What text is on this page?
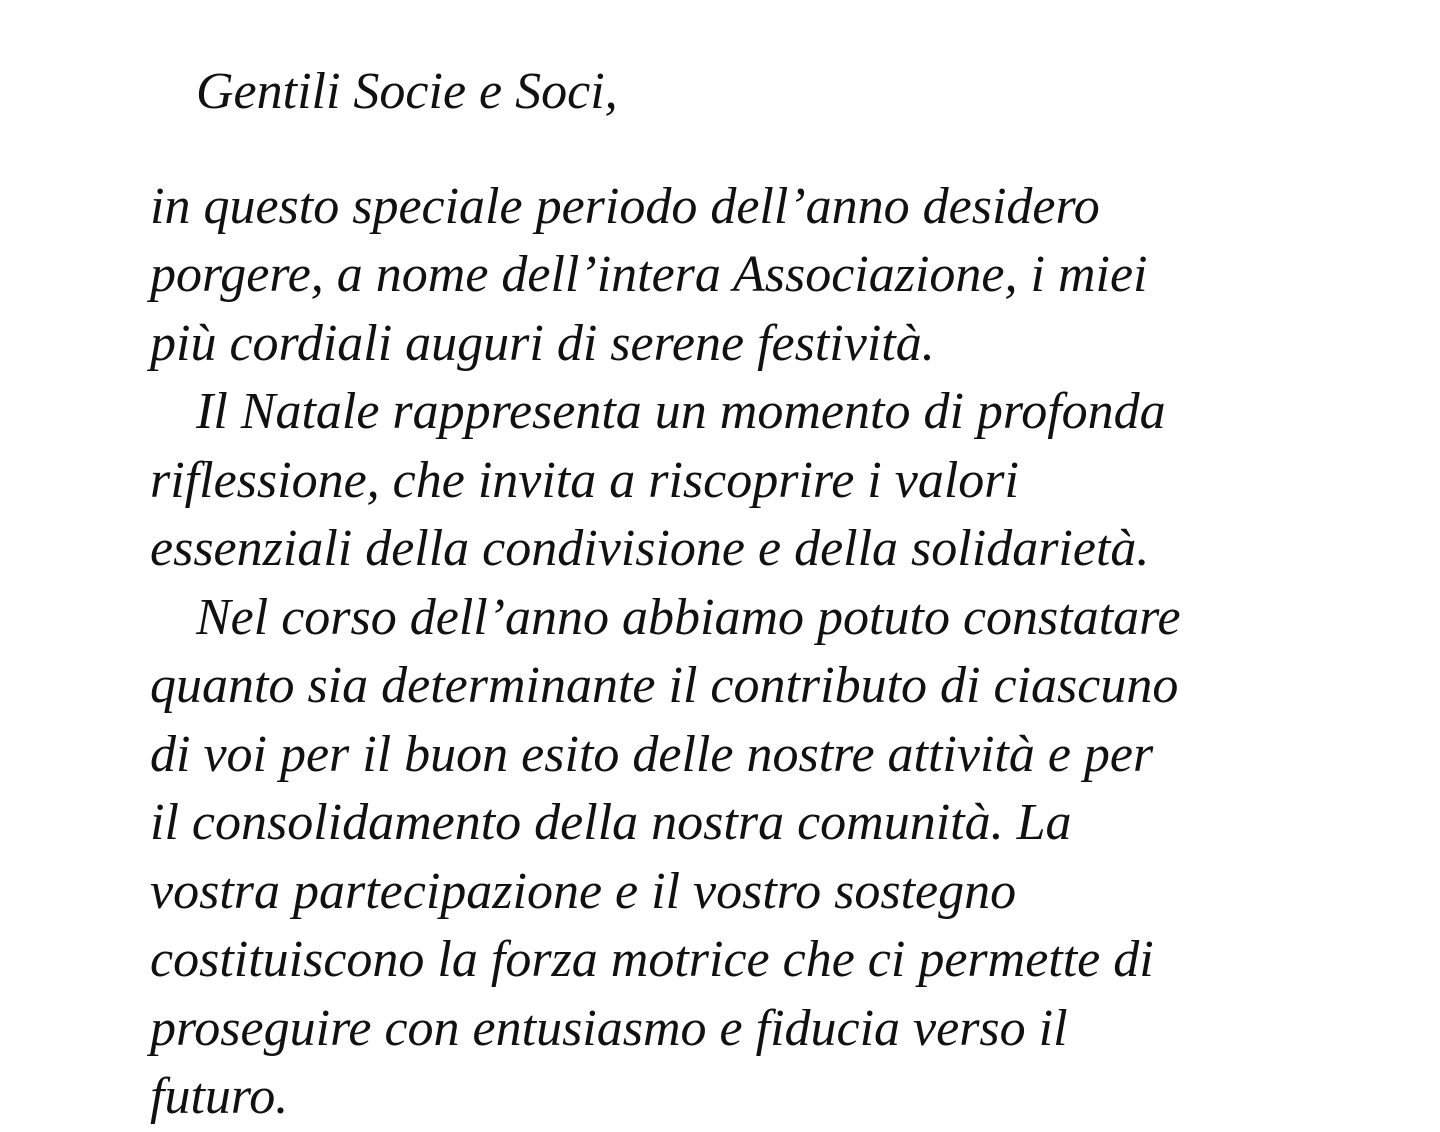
Gentili Socie e Soci,

in questo speciale periodo dell’anno desidero
porgere, a nome dell’intera Associazione, i miei
più cordiali auguri di serene festività.

Il Natale rappresenta un momento di profonda
riflessione, che invita a riscoprire i valori
essenziali della condivisione e della solidarietà.

Nel corso dell’anno abbiamo potuto constatare
quanto sia determinante il contributo di ciascuno
di voi per il buon esito delle nostre attività e per
il consolidamento della nostra comunità. La
vostra partecipazione e il vostro sostegno
costituiscono la forza motrice che ci permette di
proseguire con entusiasmo e fiducia verso il
futuro.
